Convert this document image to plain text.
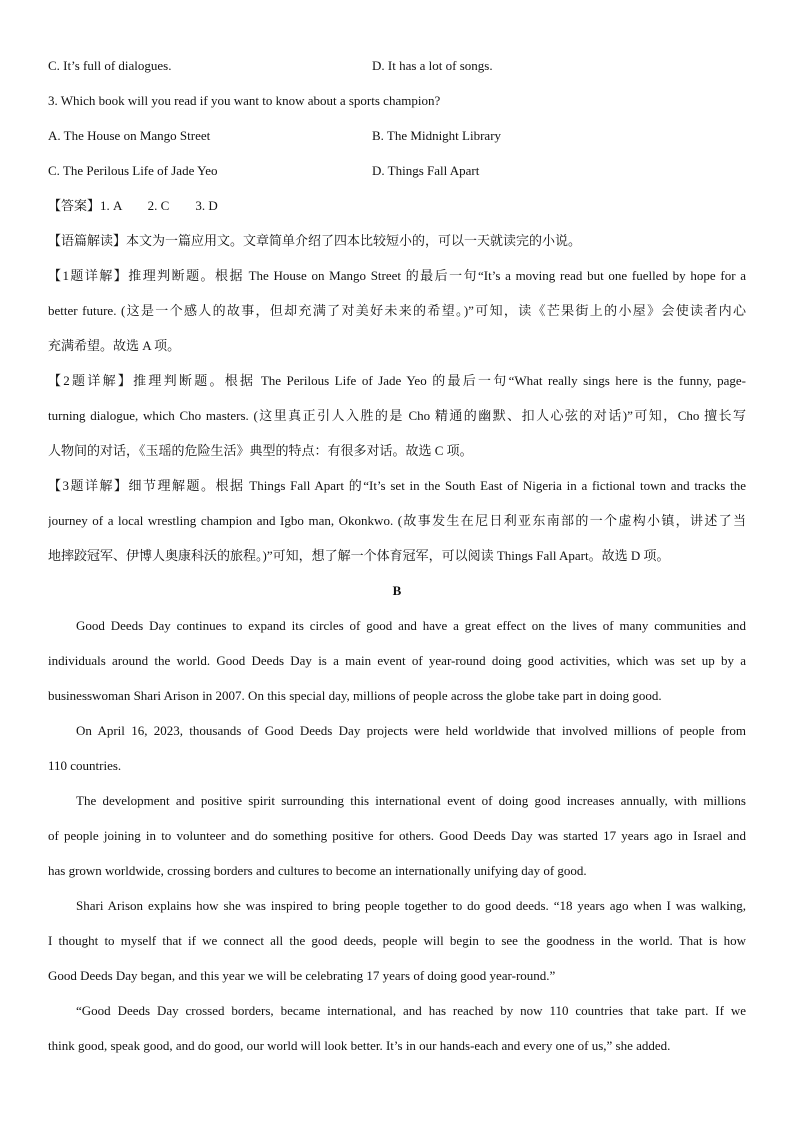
C. It’s full of dialogues.	D. It has a lot of songs.
3. Which book will you read if you want to know about a sports champion?
A. The House on Mango Street	B. The Midnight Library
C. The Perilous Life of Jade Yeo	D. Things Fall Apart
【答案】1. A        2. C        3. D
【语篇解读】本文为一篇应用文。文章简单介绍了四本比较短小的，可以一天就读完的小说。
【1题详解】推理判断题。根据 The House on Mango Street 的最后一句“It’s a moving read but one fuelled by hope for a
better future. (这是一个感人的故事，但却充满了对美好未来的希望。)”可知，读《芒果街上的小屋》会使读者内心
充满希望。故选 A 项。
【2题详解】推理判断题。根据 The Perilous Life of Jade Yeo 的最后一句“What really sings here is the funny, page-
turning dialogue, which Cho masters. (这里真正引人入胜的是 Cho 精通的幽默、扣人心弦的对话)”可知，Cho 擅长写
人物间的对话，《玉瑶的危险生活》典型的特点：有很多对话。故选 C 项。
【3题详解】细节理解题。根据 Things Fall Apart 的“It’s set in the South East of Nigeria in a fictional town and tracks the
journey of a local wrestling champion and Igbo man, Okonkwo. (故事发生在尼日利亚东南部的一个虚构小镇，讲述了当
地摔跤冠军、伊博人奥康科沃的旅程。)”可知，想了解一个体育冠军，可以阅读 Things Fall Apart。故选 D 项。
B
Good Deeds Day continues to expand its circles of good and have a great effect on the lives of many communities and
individuals around the world. Good Deeds Day is a main event of year-round doing good activities, which was set up by a
businesswoman Shari Arison in 2007. On this special day, millions of people across the globe take part in doing good.
On April 16, 2023, thousands of Good Deeds Day projects were held worldwide that involved millions of people from
110 countries.
The development and positive spirit surrounding this international event of doing good increases annually, with millions
of people joining in to volunteer and do something positive for others. Good Deeds Day was started 17 years ago in Israel and
has grown worldwide, crossing borders and cultures to become an internationally unifying day of good.
Shari Arison explains how she was inspired to bring people together to do good deeds. “18 years ago when I was walking,
I thought to myself that if we connect all the good deeds, people will begin to see the goodness in the world. That is how
Good Deeds Day began, and this year we will be celebrating 17 years of doing good year-round.”
“Good Deeds Day crossed borders, became international, and has reached by now 110 countries that take part. If we
think good, speak good, and do good, our world will look better. It’s in our hands-each and every one of us,” she added.
